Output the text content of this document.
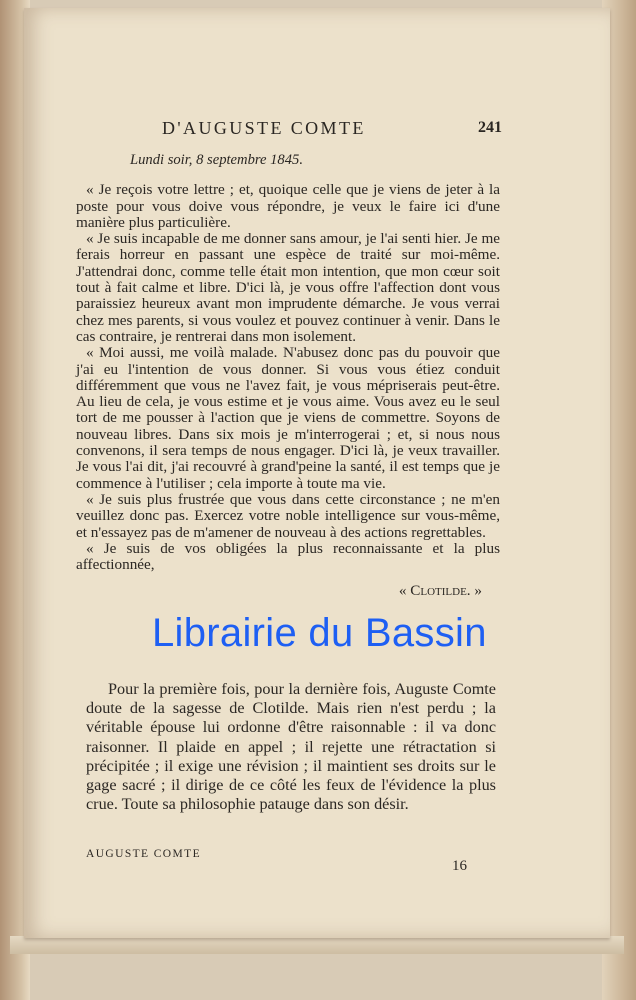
D'AUGUSTE COMTE	241
Lundi soir, 8 septembre 1845.

« Je reçois votre lettre ; et, quoique celle que je viens de jeter à la poste pour vous doive vous répondre, je veux le faire ici d'une manière plus particulière.

« Je suis incapable de me donner sans amour, je l'ai senti hier. Je me ferais horreur en passant une espèce de traité sur moi-même. J'attendrai donc, comme telle était mon intention, que mon cœur soit tout à fait calme et libre. D'ici là, je vous offre l'affection dont vous paraissiez heureux avant mon imprudente démarche. Je vous verrai chez mes parents, si vous voulez et pouvez continuer à venir. Dans le cas contraire, je rentrerai dans mon isolement.

« Moi aussi, me voilà malade. N'abusez donc pas du pouvoir que j'ai eu l'intention de vous donner. Si vous vous étiez conduit différemment que vous ne l'avez fait, je vous mépriserais peut-être. Au lieu de cela, je vous estime et je vous aime. Vous avez eu le seul tort de me pousser à l'action que je viens de commettre. Soyons de nouveau libres. Dans six mois je m'interrogerai ; et, si nous nous convenons, il sera temps de nous engager. D'ici là, je veux travailler. Je vous l'ai dit, j'ai recouvré à grand'peine la santé, il est temps que je commence à l'utiliser ; cela importe à toute ma vie.

« Je suis plus frustrée que vous dans cette circonstance ; ne m'en veuillez donc pas. Exercez votre noble intelligence sur vous-même, et n'essayez pas de m'amener de nouveau à des actions regrettables.

« Je suis de vos obligées la plus reconnaissante et la plus affectionnée,

« Clotilde. »

Pour la première fois, pour la dernière fois, Auguste Comte doute de la sagesse de Clotilde. Mais rien n'est perdu ; la véritable épouse lui ordonne d'être raisonnable : il va donc raisonner. Il plaide en appel ; il rejette une rétractation si précipitée ; il exige une révision ; il maintient ses droits sur le gage sacré ; il dirige de ce côté les feux de l'évidence la plus crue. Toute sa philosophie patauge dans son désir.

AUGUSTE COMTE
16
Librairie du Bassin
